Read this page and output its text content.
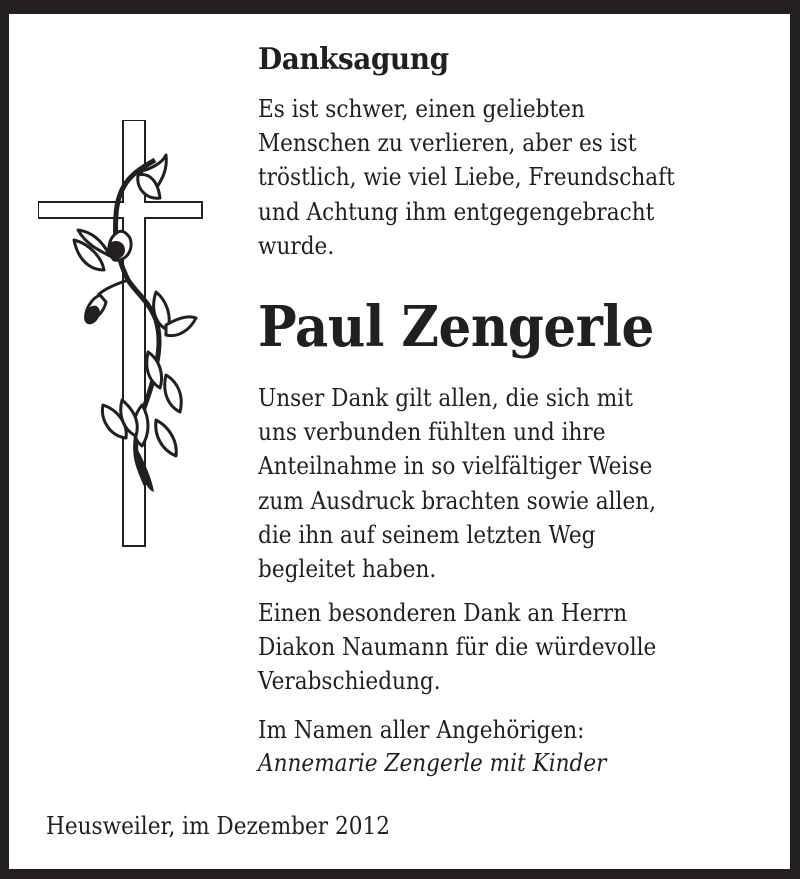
Danksagung
Es ist schwer, einen geliebten
Menschen zu verlieren, aber es ist
tröstlich, wie viel Liebe, Freundschaft
und Achtung ihm entgegengebracht
wurde.
Paul Zengerle
Unser Dank gilt allen, die sich mit
uns verbunden fühlten und ihre
Anteilnahme in so vielfältiger Weise
zum Ausdruck brachten sowie allen,
die ihn auf seinem letzten Weg
begleitet haben.
Einen besonderen Dank an Herrn
Diakon Naumann für die würdevolle
Verabschiedung.
Im Namen aller Angehörigen:
Annemarie Zengerle mit Kinder
Heusweiler, im Dezember 2012
